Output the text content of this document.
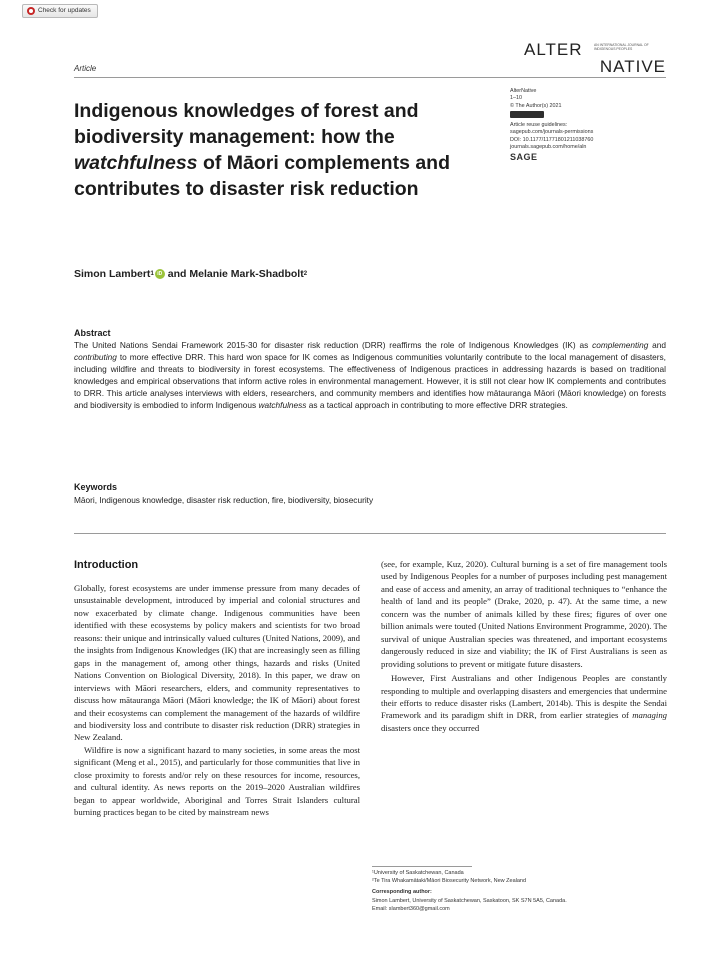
Check for updates
Article
ALTER	AN INTERNATIONAL JOURNAL OF INDIGENOUS PEOPLES
NATIVE
AlterNative
1–10
© The Author(s) 2021
Article reuse guidelines:
sagepub.com/journals-permissions
DOI: 10.1177/11771801211038760
journals.sagepub.com/home/aln
SAGE
Indigenous knowledges of forest and biodiversity management: how the watchfulness of Māori complements and contributes to disaster risk reduction
Simon Lambert 1 iD and Melanie Mark-Shadbolt 2
Abstract

The United Nations Sendai Framework 2015-30 for disaster risk reduction (DRR) reaffirms the role of Indigenous Knowledges (IK) as complementing and contributing to more effective DRR. This hard won space for IK comes as Indigenous communities voluntarily contribute to the local management of disasters, including wildfire and threats to biodiversity in forest ecosystems. The effectiveness of Indigenous practices in addressing hazards is based on traditional knowledges and empirical observations that inform active roles in environmental management. However, it is still not clear how IK complements and contributes to DRR. This article analyses interviews with elders, researchers, and community members and identifies how mātauranga Māori (Māori knowledge) on forests and biodiversity is embodied to inform Indigenous watchfulness as a tactical approach in contributing to more effective DRR strategies.

Keywords
Māori, Indigenous knowledge, disaster risk reduction, fire, biodiversity, biosecurity
Introduction

Globally, forest ecosystems are under immense pressure from many decades of unsustainable development, introduced by imperial and colonial structures and now exacerbated by climate change. Indigenous communities have been identified with these ecosystems by policy makers and scientists for two broad reasons: their unique and intrinsically valued cultures (United Nations, 2009), and the insights from Indigenous Knowledges (IK) that are increasingly seen as filling gaps in the management of, among other things, hazards and risks (United Nations Convention on Biological Diversity, 2018). In this paper, we draw on interviews with Māori researchers, elders, and community representatives to discuss how mātauranga Māori (Māori knowledge; the IK of Māori) about forest and their ecosystems can complement the management of the hazards of wildfire and biodiversity loss and contribute to disaster risk reduction (DRR) strategies in New Zealand.

Wildfire is now a significant hazard to many societies, in some areas the most significant (Meng et al., 2015), and particularly for those communities that live in close proximity to forests and/or rely on these resources for income, resources, and cultural identity. As news reports on the 2019–2020 Australian wildfires began to appear worldwide, Aboriginal and Torres Strait Islanders cultural burning practices began to be cited by mainstream news

(see, for example, Kuz, 2020). Cultural burning is a set of fire management tools used by Indigenous Peoples for a number of purposes including pest management and ease of access and amenity, an array of traditional techniques to “enhance the health of land and its people” (Drake, 2020, p. 47). At the same time, a new concern was the number of animals killed by these fires; figures of over one billion animals were touted (United Nations Environment Programme, 2020). The survival of unique Australian species was threatened, and important ecosystems dangerously reduced in size and viability; the IK of First Australians is seen as providing solutions to prevent or mitigate future disasters.

However, First Australians and other Indigenous Peoples are constantly responding to multiple and overlapping disasters and emergencies that undermine their efforts to reduce disaster risks (Lambert, 2014b). This is despite the Sendai Framework and its paradigm shift in DRR, from earlier strategies of managing disasters once they occurred

¹University of Saskatchewan, Canada
²Te Tira Whakamātaki/Māori Biosecurity Network, New Zealand
Corresponding author:
Simon Lambert, University of Saskatchewan, Saskatoon, SK S7N 5A5, Canada.
Email: slambert360@gmail.com
